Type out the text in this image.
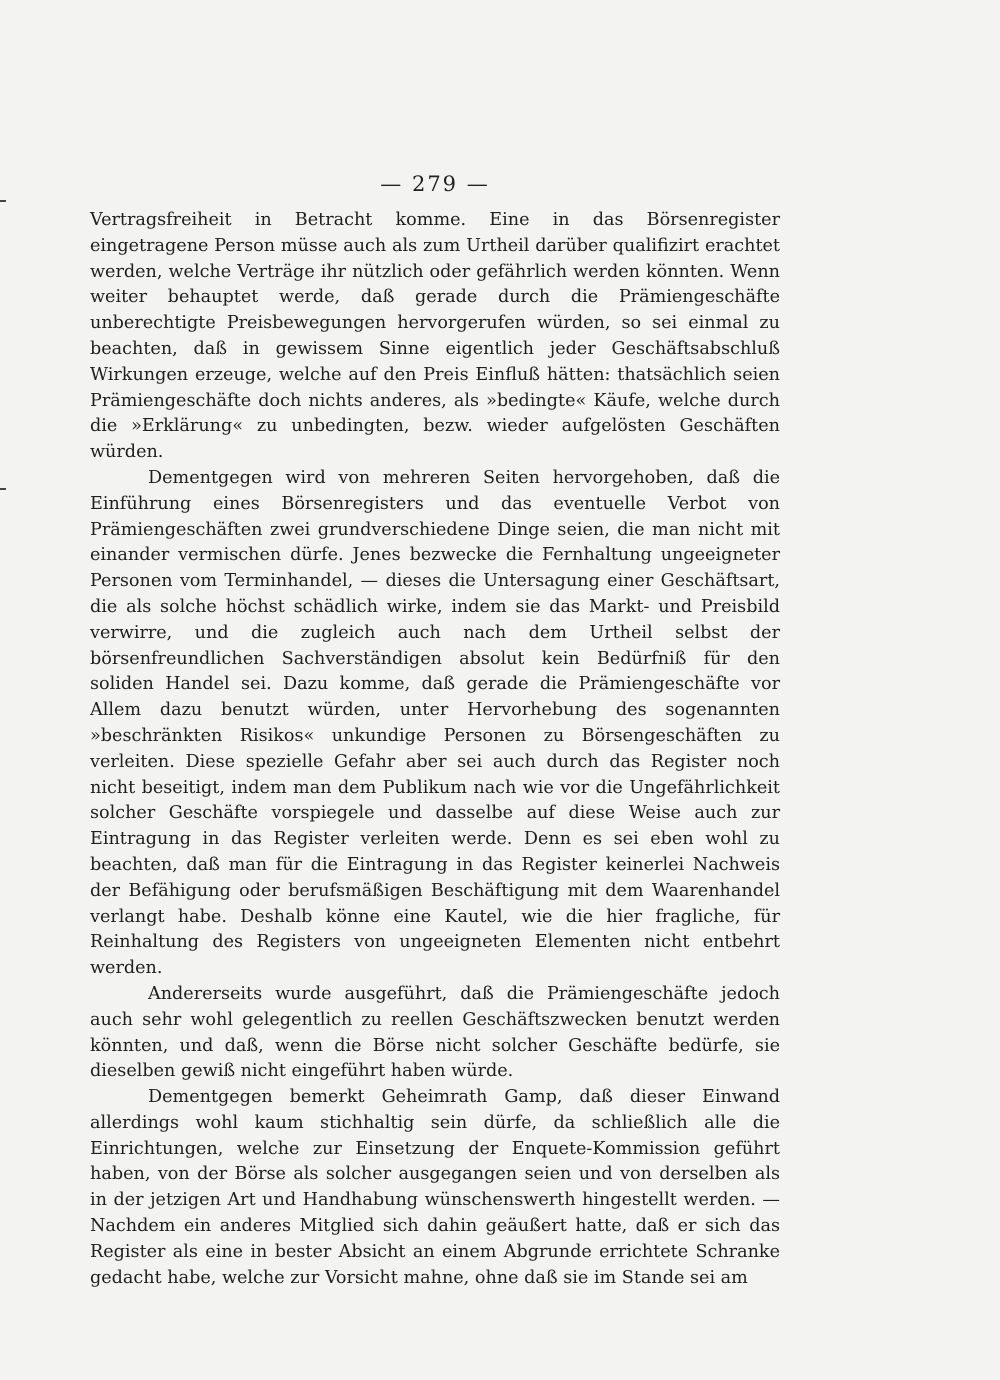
— 279 —

Vertragsfreiheit in Betracht komme. Eine in das Börsenregister eingetragene Person müsse auch als zum Urtheil darüber qualifizirt erachtet werden, welche Verträge ihr nützlich oder gefährlich werden könnten. Wenn weiter behauptet werde, daß gerade durch die Prämiengeschäfte unberechtigte Preisbewegungen hervorgerufen würden, so sei einmal zu beachten, daß in gewissem Sinne eigentlich jeder Geschäftsabschluß Wirkungen erzeuge, welche auf den Preis Einfluß hätten: thatsächlich seien Prämiengeschäfte doch nichts anderes, als »bedingte« Käufe, welche durch die »Erklärung« zu unbedingten, bezw. wieder aufgelösten Geschäften würden.

Dementgegen wird von mehreren Seiten hervorgehoben, daß die Einführung eines Börsenregisters und das eventuelle Verbot von Prämiengeschäften zwei grundverschiedene Dinge seien, die man nicht mit einander vermischen dürfe. Jenes bezwecke die Fernhaltung ungeeigneter Personen vom Terminhandel, — dieses die Untersagung einer Geschäftsart, die als solche höchst schädlich wirke, indem sie das Markt- und Preisbild verwirre, und die zugleich auch nach dem Urtheil selbst der börsenfreundlichen Sachverständigen absolut kein Bedürfniß für den soliden Handel sei. Dazu komme, daß gerade die Prämiengeschäfte vor Allem dazu benutzt würden, unter Hervorhebung des sogenannten »beschränkten Risikos« unkundige Personen zu Börsengeschäften zu verleiten. Diese spezielle Gefahr aber sei auch durch das Register noch nicht beseitigt, indem man dem Publikum nach wie vor die Ungefährlichkeit solcher Geschäfte vorspiegele und dasselbe auf diese Weise auch zur Eintragung in das Register verleiten werde. Denn es sei eben wohl zu beachten, daß man für die Eintragung in das Register keinerlei Nachweis der Befähigung oder berufsmäßigen Beschäftigung mit dem Waarenhandel verlangt habe. Deshalb könne eine Kautel, wie die hier fragliche, für Reinhaltung des Registers von ungeeigneten Elementen nicht entbehrt werden.

Andererseits wurde ausgeführt, daß die Prämiengeschäfte jedoch auch sehr wohl gelegentlich zu reellen Geschäftszwecken benutzt werden könnten, und daß, wenn die Börse nicht solcher Geschäfte bedürfe, sie dieselben gewiß nicht eingeführt haben würde.

Dementgegen bemerkt Geheimrath Gamp, daß dieser Einwand allerdings wohl kaum stichhaltig sein dürfe, da schließlich alle die Einrichtungen, welche zur Einsetzung der Enquete-Kommission geführt haben, von der Börse als solcher ausgegangen seien und von derselben als in der jetzigen Art und Handhabung wünschenswerth hingestellt werden. — Nachdem ein anderes Mitglied sich dahin geäußert hatte, daß er sich das Register als eine in bester Absicht an einem Abgrunde errichtete Schranke gedacht habe, welche zur Vorsicht mahne, ohne daß sie im Stande sei am
